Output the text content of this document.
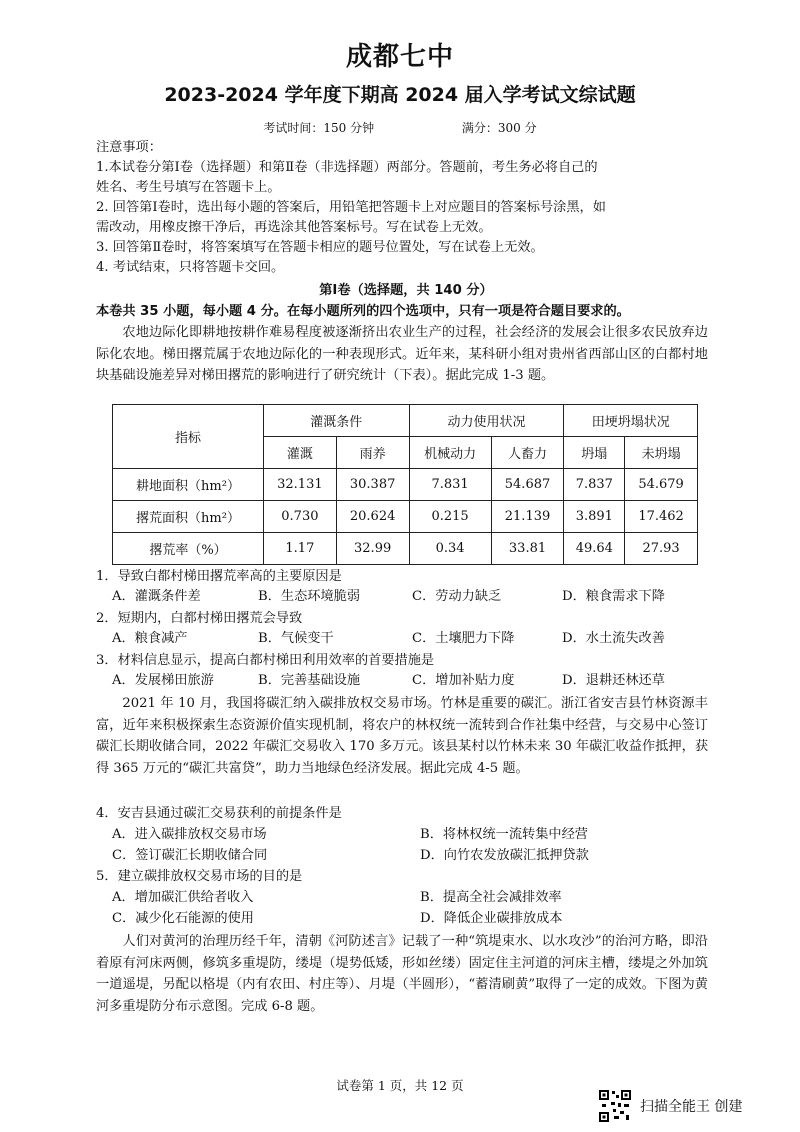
成都七中
2023-2024 学年度下期高 2024 届入学考试文综试题
考试时间：150 分钟	满分：300 分
注意事项：
1.本试卷分第Ⅰ卷（选择题）和第Ⅱ卷（非选择题）两部分。答题前，考生务必将自己的
姓名、考生号填写在答题卡上。
2. 回答第Ⅰ卷时，选出每小题的答案后，用铅笔把答题卡上对应题目的答案标号涂黑，如
需改动，用橡皮擦干净后，再选涂其他答案标号。写在试卷上无效。
3. 回答第Ⅱ卷时，将答案填写在答题卡相应的题号位置处，写在试卷上无效。
4. 考试结束，只将答题卡交回。
第Ⅰ卷（选择题，共 140 分）
本卷共 35 小题，每小题 4 分。在每小题所列的四个选项中，只有一项是符合题目要求的。
农地边际化即耕地按耕作难易程度被逐渐挤出农业生产的过程，社会经济的发展会让很多农民放弃边际化农地。梯田撂荒属于农地边际化的一种表现形式。近年来，某科研小组对贵州省西部山区的白都村地块基础设施差异对梯田撂荒的影响进行了研究统计（下表）。据此完成 1-3 题。
指标	灌溉条件		动力使用状况		田埂坍塌状况	
	灌溉	雨养	机械动力	人畜力	坍塌	未坍塌
耕地面积（hm²）	32.131	30.387	7.831	54.687	7.837	54.679
撂荒面积（hm²）	0.730	20.624	0.215	21.139	3.891	17.462
撂荒率（%）	1.17	32.99	0.34	33.81	49.64	27.93
1．导致白都村梯田撂荒率高的主要原因是
A．灌溉条件差	B．生态环境脆弱	C．劳动力缺乏	D．粮食需求下降
2．短期内，白都村梯田撂荒会导致
A．粮食减产	B．气候变干	C．土壤肥力下降	D．水土流失改善
3．材料信息显示，提高白都村梯田利用效率的首要措施是
A．发展梯田旅游	B．完善基础设施	C．增加补贴力度	D．退耕还林还草
2021 年 10 月，我国将碳汇纳入碳排放权交易市场。竹林是重要的碳汇。浙江省安吉县竹林资源丰富，近年来积极探索生态资源价值实现机制，将农户的林权统一流转到合作社集中经营，与交易中心签订碳汇长期收储合同，2022 年碳汇交易收入 170 多万元。该县某村以竹林未来 30 年碳汇收益作抵押，获得 365 万元的“碳汇共富贷”，助力当地绿色经济发展。据此完成 4-5 题。
4．安吉县通过碳汇交易获利的前提条件是
A．进入碳排放权交易市场	B．将林权统一流转集中经营
C．签订碳汇长期收储合同	D．向竹农发放碳汇抵押贷款
5．建立碳排放权交易市场的目的是
A．增加碳汇供给者收入	B．提高全社会减排效率
C．减少化石能源的使用	D．降低企业碳排放成本
人们对黄河的治理历经千年，清朝《河防述言》记载了一种“筑堤束水、以水攻沙”的治河方略，即沿着原有河床两侧，修筑多重堤防，缕堤（堤势低矮，形如丝缕）固定住主河道的河床主槽，缕堤之外加筑一道遥堤，另配以格堤（内有农田、村庄等）、月堤（半圆形），“蓄清刷黄”取得了一定的成效。下图为黄河多重堤防分布示意图。完成 6-8 题。
试卷第 1 页，共 12 页
扫描全能王 创建
